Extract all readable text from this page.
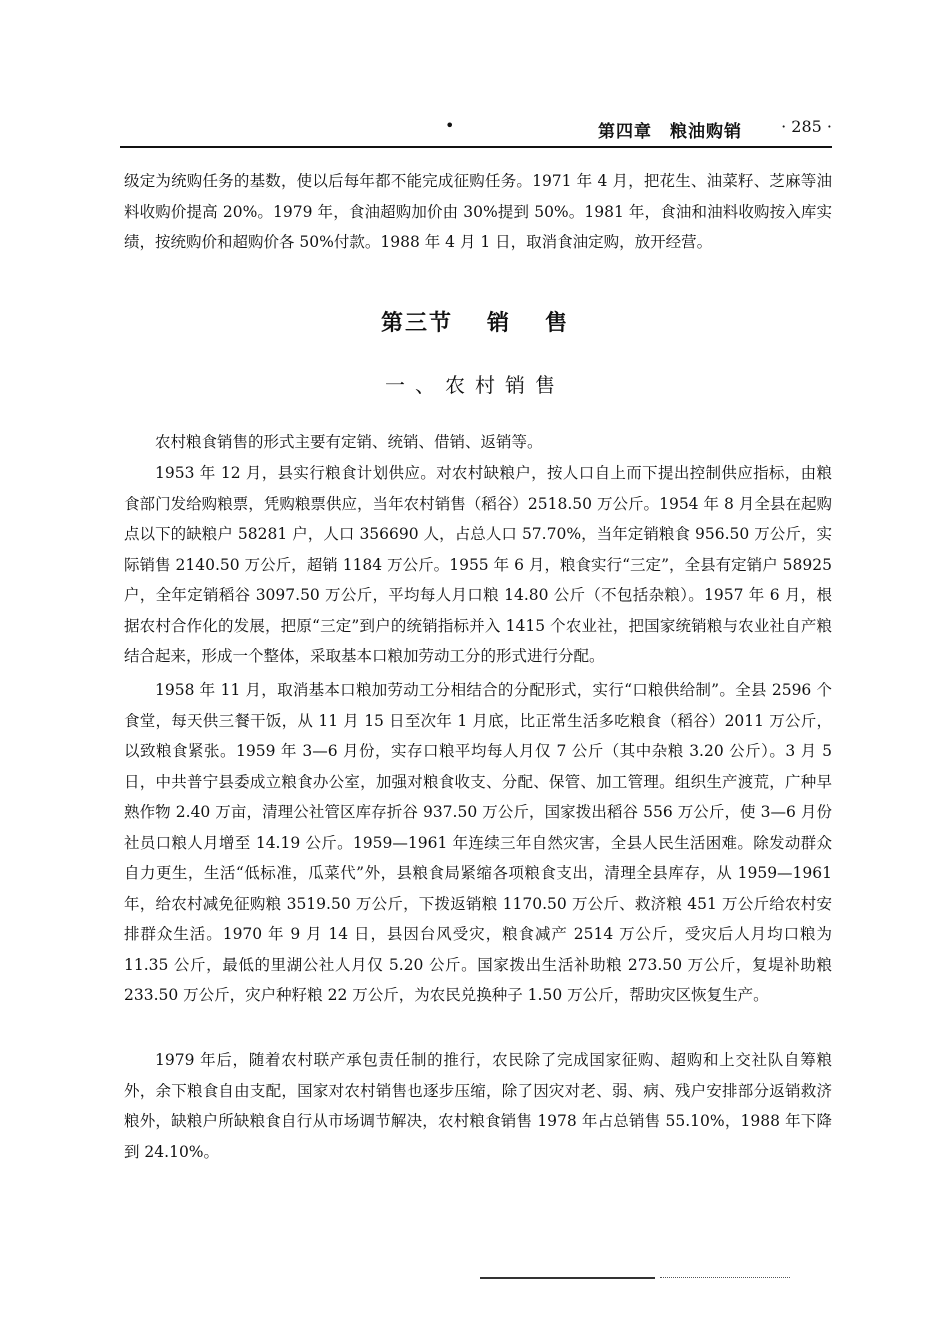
•	第四章　粮油购销 · 285 ·

级定为统购任务的基数，使以后每年都不能完成征购任务。1971 年 4 月，把花生、油菜籽、芝麻等油料收购价提高 20%。1979 年，食油超购加价由 30%提到 50%。1981 年，食油和油料收购按入库实绩，按统购价和超购价各 50%付款。1988 年 4 月 1 日，取消食油定购，放开经营。

第三节 销 售
一、农村销售

农村粮食销售的形式主要有定销、统销、借销、返销等。

1953 年 12 月，县实行粮食计划供应。对农村缺粮户，按人口自上而下提出控制供应指标，由粮食部门发给购粮票，凭购粮票供应，当年农村销售（稻谷）2518.50 万公斤。1954 年 8 月全县在起购点以下的缺粮户 58281 户，人口 356690 人，占总人口 57.70%，当年定销粮食 956.50 万公斤，实际销售 2140.50 万公斤，超销 1184 万公斤。1955 年 6 月，粮食实行“三定”，全县有定销户 58925 户，全年定销稻谷 3097.50 万公斤，平均每人月口粮 14.80 公斤（不包括杂粮）。1957 年 6 月，根据农村合作化的发展，把原“三定”到户的统销指标并入 1415 个农业社，把国家统销粮与农业社自产粮结合起来，形成一个整体，采取基本口粮加劳动工分的形式进行分配。

1958 年 11 月，取消基本口粮加劳动工分相结合的分配形式，实行“口粮供给制”。全县 2596 个食堂，每天供三餐干饭，从 11 月 15 日至次年 1 月底，比正常生活多吃粮食（稻谷）2011 万公斤，以致粮食紧张。1959 年 3—6 月份，实存口粮平均每人月仅 7 公斤（其中杂粮 3.20 公斤）。3 月 5 日，中共普宁县委成立粮食办公室，加强对粮食收支、分配、保管、加工管理。组织生产渡荒，广种早熟作物 2.40 万亩，清理公社管区库存折谷 937.50 万公斤，国家拨出稻谷 556 万公斤，使 3—6 月份社员口粮人月增至 14.19 公斤。1959—1961 年连续三年自然灾害，全县人民生活困难。除发动群众自力更生，生活“低标准，瓜菜代”外，县粮食局紧缩各项粮食支出，清理全县库存，从 1959—1961 年，给农村减免征购粮 3519.50 万公斤，下拨返销粮 1170.50 万公斤、救济粮 451 万公斤给农村安排群众生活。1970 年 9 月 14 日，县因台风受灾，粮食减产 2514 万公斤，受灾后人月均口粮为 11.35 公斤，最低的里湖公社人月仅 5.20 公斤。国家拨出生活补助粮 273.50 万公斤，复堤补助粮 233.50 万公斤，灾户种籽粮 22 万公斤，为农民兑换种子 1.50 万公斤，帮助灾区恢复生产。

1979 年后，随着农村联产承包责任制的推行，农民除了完成国家征购、超购和上交社队自筹粮外，余下粮食自由支配，国家对农村销售也逐步压缩，除了因灾对老、弱、病、残户安排部分返销救济粮外，缺粮户所缺粮食自行从市场调节解决，农村粮食销售 1978 年占总销售 55.10%，1988 年下降到 24.10%。
